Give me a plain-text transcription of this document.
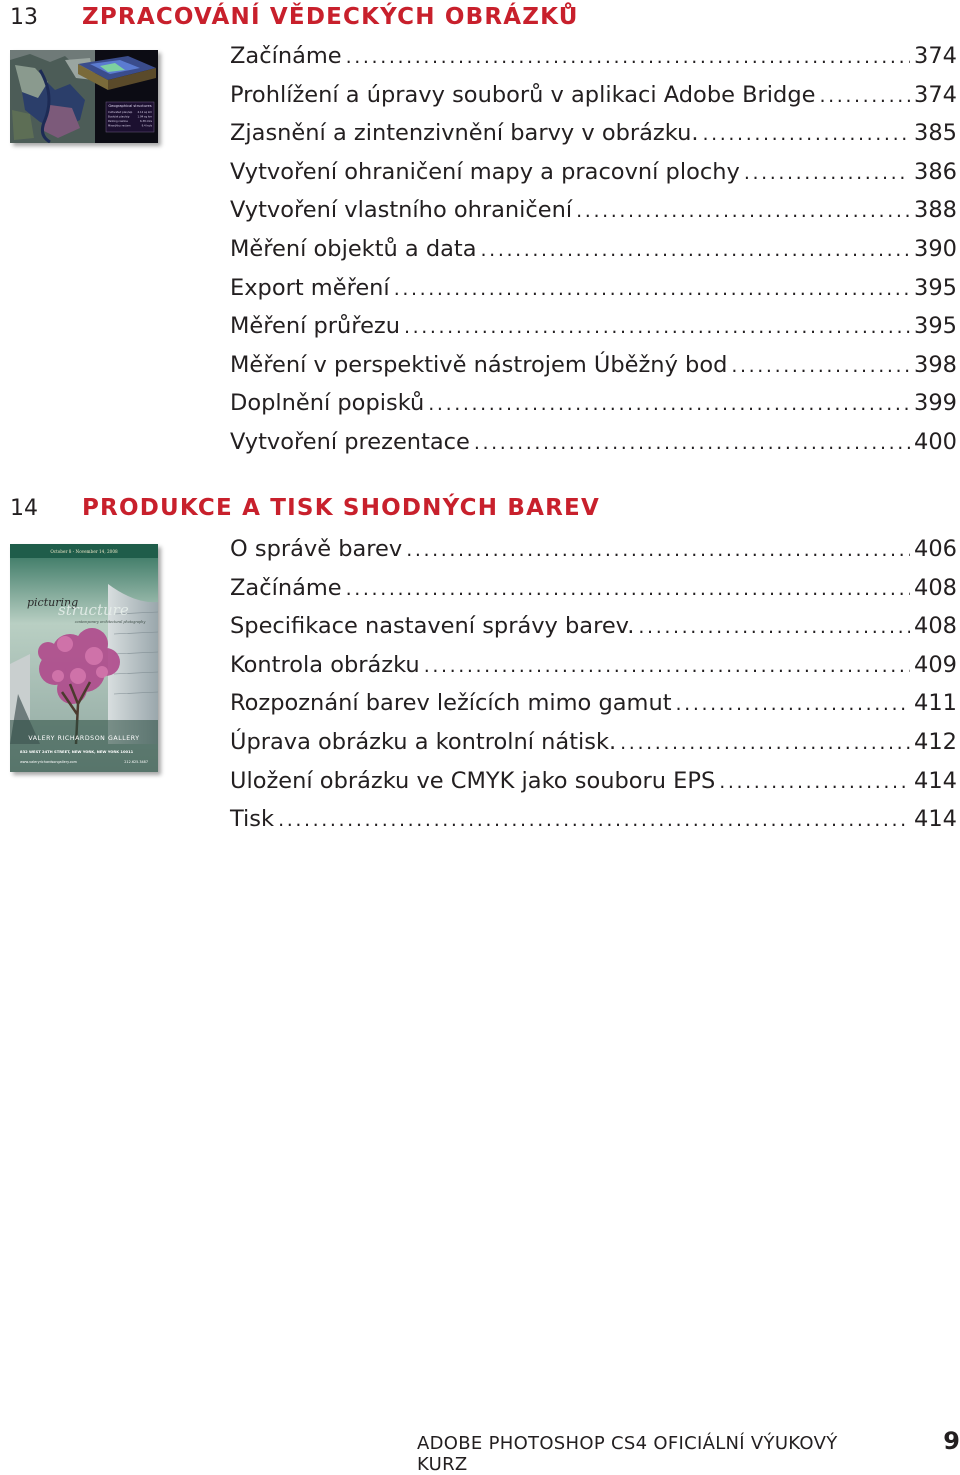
13	ZPRACOVÁNÍ VĚDECKÝCH OBRÁZKŮ
Geographical structures
Cultivated plan/sip 4.12 sq km
Bush/ak plan/sip	1.94 sq km
Parking rowline	6.38 mks
Mixed/dry reclam	9.4 ha/s
Začínáme .....	374
Prohlížení a úpravy souborů v aplikaci Adobe Bridge .....	374
Zjasnění a zintenzivnění barvy v obrázku. .....	385
Vytvoření ohraničení mapy a pracovní plochy .....	386
Vytvoření vlastního ohraničení .....	388
Měření objektů a data .....	390
Export měření .....	395
Měření průřezu .....	395
Měření v perspektivě nástrojem Úběžný bod .....	398
Doplnění popisků .....	399
Vytvoření prezentace .....	400
14	PRODUKCE A TISK SHODNÝCH BAREV
October 8 - November 14, 2008
picturing
structure
contemporary architectural photography
VALERY RICHARDSON GALLERY
832 WEST 24TH STREET, NEW YORK, NEW YORK 10011
www.valeryrichardsongallery.com	212.625.3487
O správě barev .....	406
Začínáme .....	408
Specifikace nastavení správy barev. .....	408
Kontrola obrázku .....	409
Rozpoznání barev ležících mimo gamut .....	411
Úprava obrázku a kontrolní nátisk. .....	412
Uložení obrázku ve CMYK jako souboru EPS .....	414
Tisk .....	414
ADOBE PHOTOSHOP CS4 OFICIÁLNÍ VÝUKOVÝ KURZ
9
